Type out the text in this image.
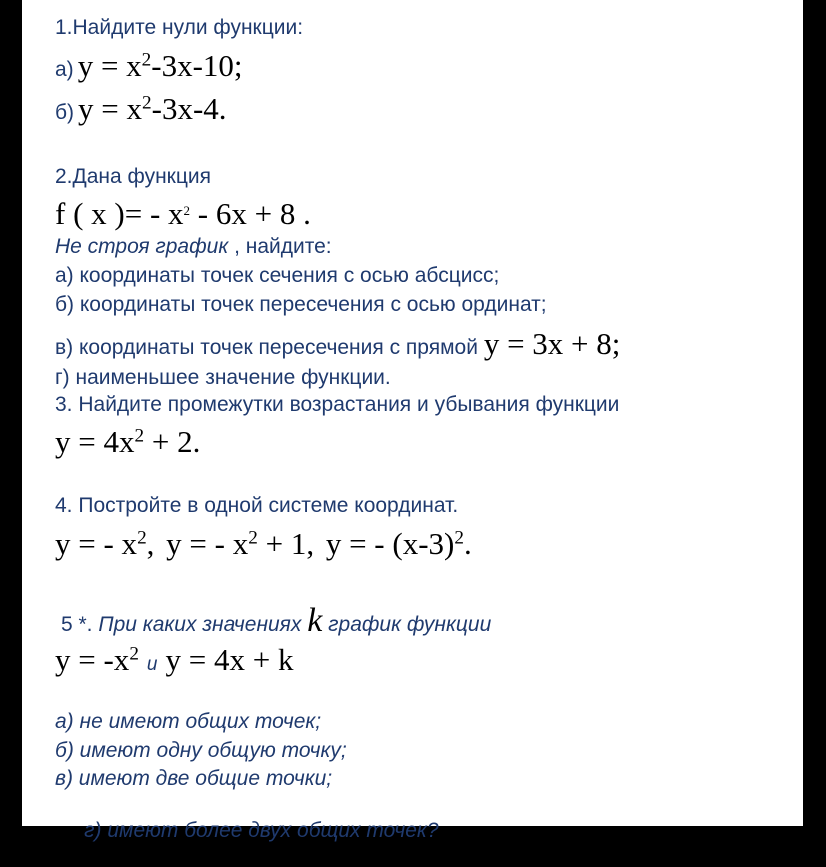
1.Найдите нули функции:
а) $y = x^2-3x-10$;
б) $y = x^2-3x-4$.
2.Дана функция
f ( x )= - $x^2 - 6x + 8$ .
Не строя график , найдите:
а) координаты точек сечения с осью абсцисс;
б) координаты точек пересечения с осью ординат;
в) координаты точек пересечения с прямой y = 3x + 8;
г) наименьшее значение функции.
3. Найдите промежутки возрастания и убывания функции
$y = 4x^2 + 2$.
4. Постройте в одной системе координат.
y = - $x^2$, y = - $x^2 + 1$, y = - $(x-3)^2$.
5 *. При каких значениях k график функции
$y = -x^2$ и y = 4x + k
а) не имеют общих точек;
б) имеют одну общую точку;
в) имеют две общие точки;

г) имеют более двух общих точек?
